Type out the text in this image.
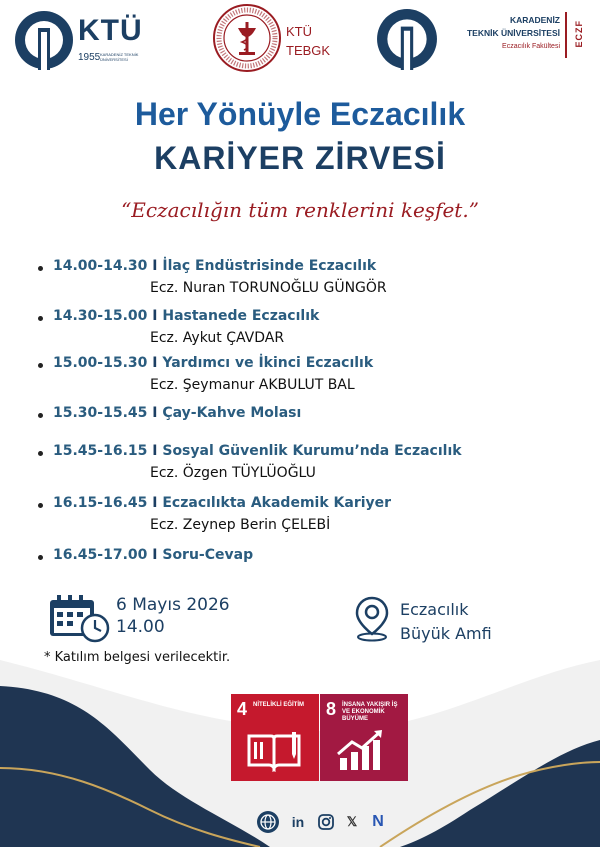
KTÜ
1955 KARADENİZ TEKNİK ÜNİVERSİTESİ
KTÜ
TEBGK
KARADENİZ
TEKNİK ÜNİVERSİTESİ
Eczacılık Fakültesi ECZF
Her Yönüyle Eczacılık
KARİYER ZİRVESİ
“Eczacılığın tüm renklerini keşfet.”
14.00-14.30 I İlaç Endüstrisinde Eczacılık
Ecz. Nuran TORUNOĞLU GÜNGÖR
14.30-15.00 I Hastanede Eczacılık
Ecz. Aykut ÇAVDAR
15.00-15.30 I Yardımcı ve İkinci Eczacılık
Ecz. Şeymanur AKBULUT BAL
15.30-15.45 I Çay-Kahve Molası
15.45-16.15 I Sosyal Güvenlik Kurumu’nda Eczacılık
Ecz. Özgen TÜYLÜOĞLU
16.15-16.45 I Eczacılıkta Akademik Kariyer
Ecz. Zeynep Berin ÇELEBİ
16.45-17.00 I Soru-Cevap
6 Mayıs 2026
14.00
Eczacılık
Büyük Amfi
* Katılım belgesi verilecektir.
4 NİTELİKLİ EĞİTİM	8 İNSANA YAKIŞIR İŞ VE EKONOMİK BÜYÜME
in	𝕏 N
